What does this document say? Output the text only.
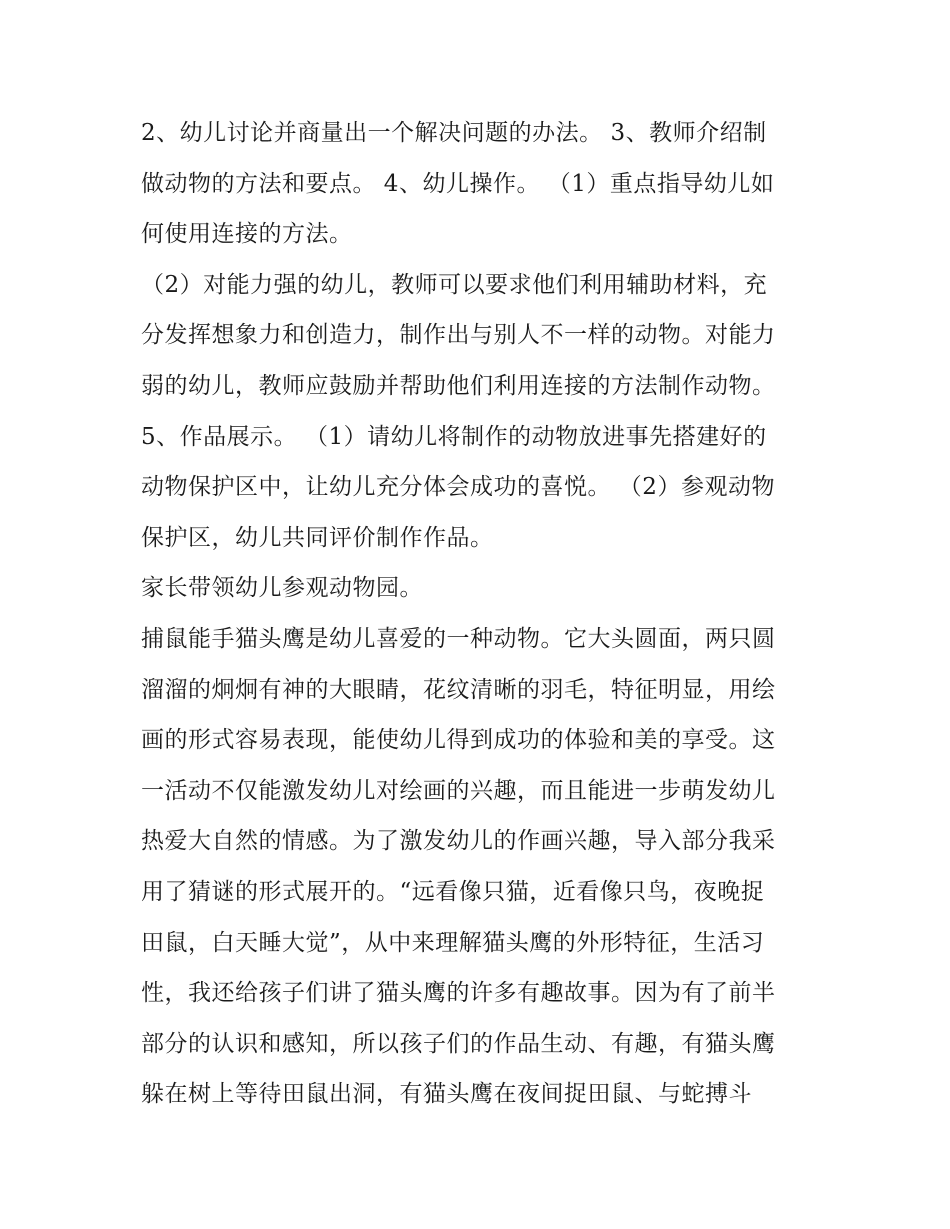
2、幼儿讨论并商量出一个解决问题的办法。 3、教师介绍制
做动物的方法和要点。 4、幼儿操作。 （1）重点指导幼儿如
何使用连接的方法。
（2）对能力强的幼儿，教师可以要求他们利用辅助材料，充
分发挥想象力和创造力，制作出与别人不一样的动物。对能力
弱的幼儿，教师应鼓励并帮助他们利用连接的方法制作动物。
5、作品展示。 （1）请幼儿将制作的动物放进事先搭建好的
动物保护区中，让幼儿充分体会成功的喜悦。 （2）参观动物
保护区，幼儿共同评价制作作品。
家长带领幼儿参观动物园。
捕鼠能手猫头鹰是幼儿喜爱的一种动物。它大头圆面，两只圆
溜溜的炯炯有神的大眼睛，花纹清晰的羽毛，特征明显，用绘
画的形式容易表现，能使幼儿得到成功的体验和美的享受。这
一活动不仅能激发幼儿对绘画的兴趣，而且能进一步萌发幼儿
热爱大自然的情感。为了激发幼儿的作画兴趣，导入部分我采
用了猜谜的形式展开的。“远看像只猫，近看像只鸟，夜晚捉
田鼠，白天睡大觉”，从中来理解猫头鹰的外形特征，生活习
性，我还给孩子们讲了猫头鹰的许多有趣故事。因为有了前半
部分的认识和感知，所以孩子们的作品生动、有趣，有猫头鹰
躲在树上等待田鼠出洞，有猫头鹰在夜间捉田鼠、与蛇搏斗
